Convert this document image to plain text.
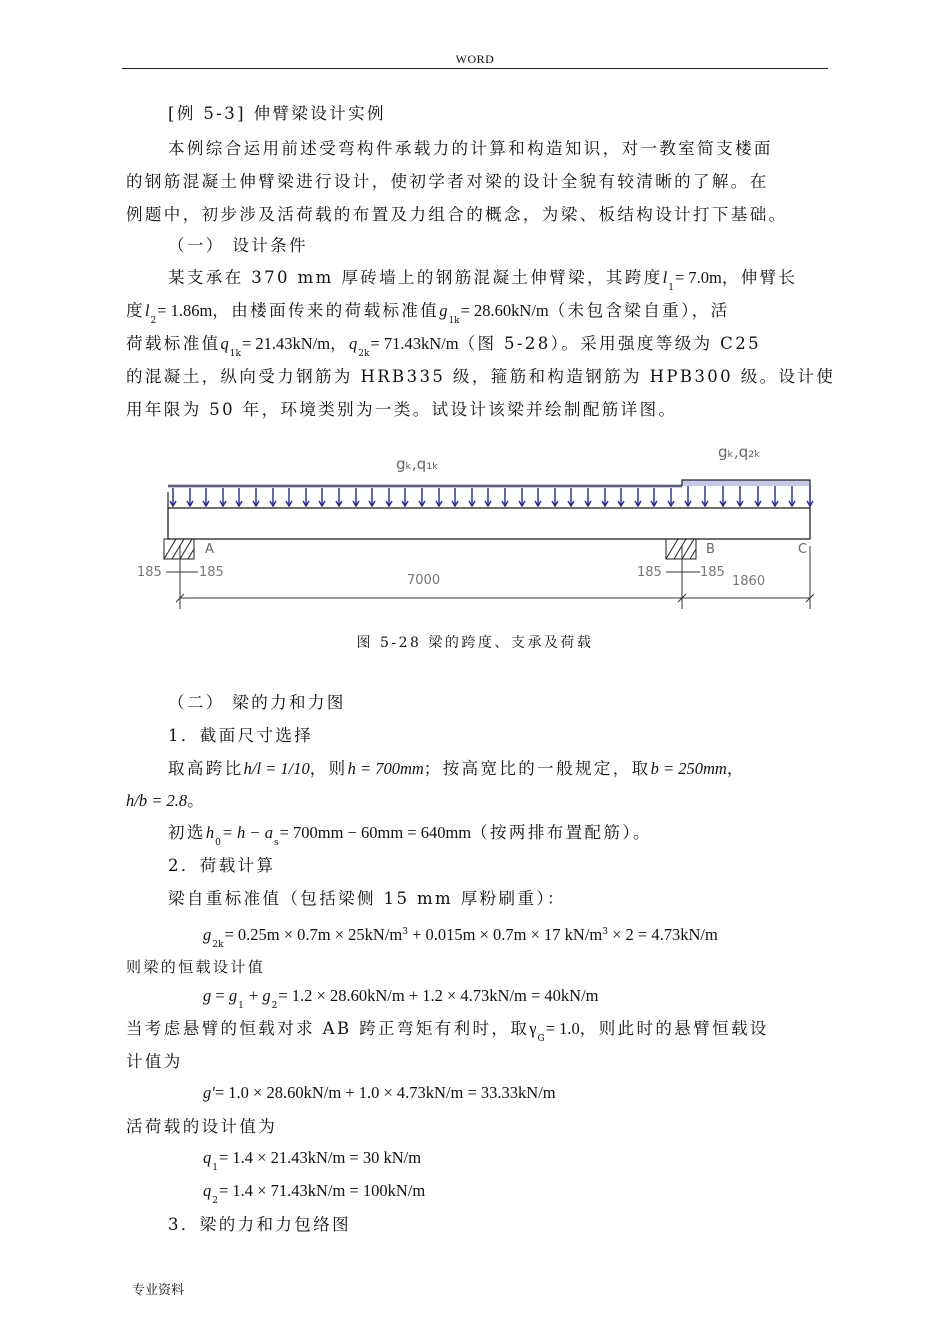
WORD
[例 5-3] 伸臂梁设计实例
本例综合运用前述受弯构件承载力的计算和构造知识，对一教室简支楼面
的钢筋混凝土伸臂梁进行设计，使初学者对梁的设计全貌有较清晰的了解。在
例题中，初步涉及活荷载的布置及力组合的概念，为梁、板结构设计打下基础。
（一） 设计条件
某支承在 370 mm 厚砖墙上的钢筋混凝土伸臂梁，其跨度$l_1= 7.0m$，伸臂长
度$l_2= 1.86m$，由楼面传来的荷载标准值$g_{1k}= 28.60kN/m$（未包含梁自重），活
荷载标准值$q_{1k}= 21.43kN/m$，$q_{2k}= 71.43kN/m$（图 5-28）。采用强度等级为 C25
的混凝土，纵向受力钢筋为 HRB335 级，箍筋和构造钢筋为 HPB300 级。设计使
用年限为 50 年，环境类别为一类。试设计该梁并绘制配筋详图。
gₖ,q₁ₖ
gₖ,q₂ₖ
A	B	C
185	185
7000
185	185
1860
图 5-28 梁的跨度、支承及荷载
（二） 梁的力和力图
1．截面尺寸选择
取高跨比h/l = 1/10，则h = 700mm；按高宽比的一般规定，取b = 250mm，
h/b = 2.8。
初选$h_0= h - a_s= 700mm - 60mm = 640mm$（按两排布置配筋）。
2．荷载计算
梁自重标准值（包括梁侧 15 mm 厚粉刷重）：
$g_{2k}= 0.25m \times 0.7m \times 25kN/m^3 + 0.015m \times 0.7m \times 17$ $kN/m^3 \times 2 = 4.73kN/m$
则梁的恒载设计值
$g = g_1 + g_2= 1.2 \times 28.60kN/m + 1.2 \times 4.73kN/m = 40kN/m$
当考虑悬臂的恒载对求 AB 跨正弯矩有利时，取$\gamma_G= 1.0$，则此时的悬臂恒载设
计值为
g′= 1.0 × 28.60kN/m + 1.0 × 4.73kN/m = 33.33kN/m
活荷载的设计值为
$q_1= 1.4 \times 21.43kN/m = 30$ kN/m
$q_2= 1.4 \times 71.43kN/m = 100kN/m$
3．梁的力和力包络图
专业资料
